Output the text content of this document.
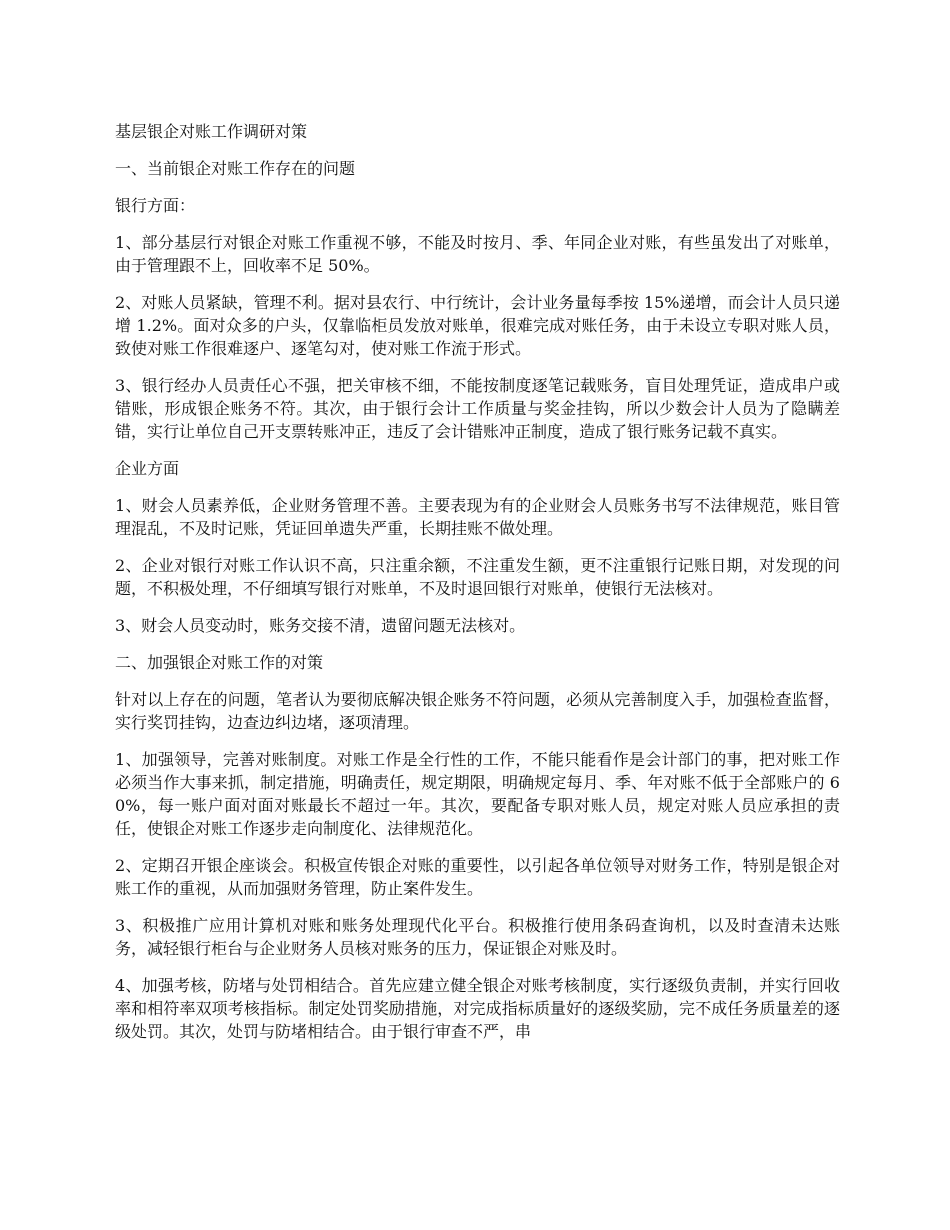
基层银企对账工作调研对策

一、当前银企对账工作存在的问题

银行方面：

1、部分基层行对银企对账工作重视不够，不能及时按月、季、年同企业对账，有些虽发出了对账单，由于管理跟不上，回收率不足 50%。

2、对账人员紧缺，管理不利。据对县农行、中行统计，会计业务量每季按 15%递增，而会计人员只递增 1.2%。面对众多的户头，仅靠临柜员发放对账单，很难完成对账任务，由于未设立专职对账人员，致使对账工作很难逐户、逐笔勾对，使对账工作流于形式。

3、银行经办人员责任心不强，把关审核不细，不能按制度逐笔记载账务，盲目处理凭证，造成串户或错账，形成银企账务不符。其次，由于银行会计工作质量与奖金挂钩，所以少数会计人员为了隐瞒差错，实行让单位自己开支票转账冲正，违反了会计错账冲正制度，造成了银行账务记载不真实。

企业方面

1、财会人员素养低，企业财务管理不善。主要表现为有的企业财会人员账务书写不法律规范，账目管理混乱，不及时记账，凭证回单遗失严重，长期挂账不做处理。

2、企业对银行对账工作认识不高，只注重余额，不注重发生额，更不注重银行记账日期，对发现的问题，不积极处理，不仔细填写银行对账单，不及时退回银行对账单，使银行无法核对。

3、财会人员变动时，账务交接不清，遗留问题无法核对。

二、加强银企对账工作的对策

针对以上存在的问题，笔者认为要彻底解决银企账务不符问题，必须从完善制度入手，加强检查监督，实行奖罚挂钩，边查边纠边堵，逐项清理。

1、加强领导，完善对账制度。对账工作是全行性的工作，不能只能看作是会计部门的事，把对账工作必须当作大事来抓，制定措施，明确责任，规定期限，明确规定每月、季、年对账不低于全部账户的 60%，每一账户面对面对账最长不超过一年。其次，要配备专职对账人员，规定对账人员应承担的责任，使银企对账工作逐步走向制度化、法律规范化。

2、定期召开银企座谈会。积极宣传银企对账的重要性，以引起各单位领导对财务工作，特别是银企对账工作的重视，从而加强财务管理，防止案件发生。

3、积极推广应用计算机对账和账务处理现代化平台。积极推行使用条码查询机，以及时查清未达账务，减轻银行柜台与企业财务人员核对账务的压力，保证银企对账及时。

4、加强考核，防堵与处罚相结合。首先应建立健全银企对账考核制度，实行逐级负责制，并实行回收率和相符率双项考核指标。制定处罚奖励措施，对完成指标质量好的逐级奖励，完不成任务质量差的逐级处罚。其次，处罚与防堵相结合。由于银行审查不严，串
